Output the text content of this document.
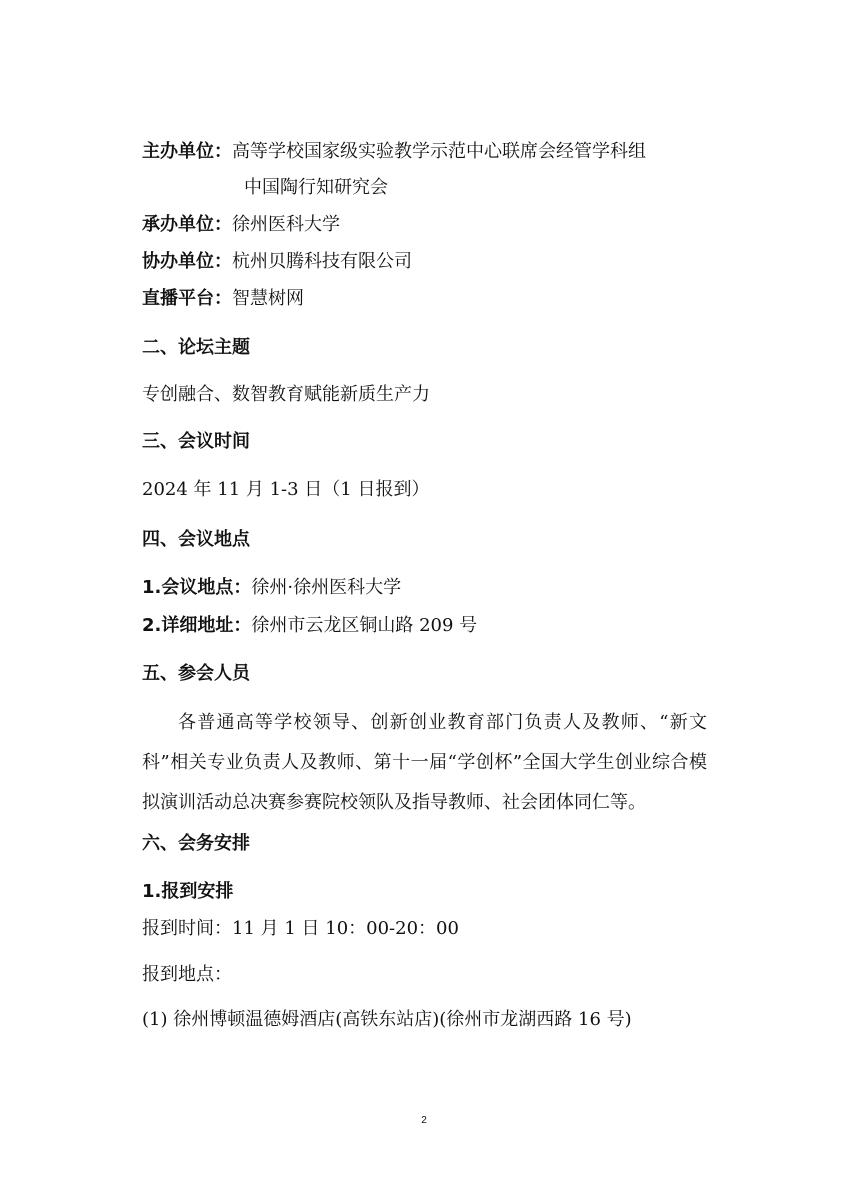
主办单位：高等学校国家级实验教学示范中心联席会经管学科组
中国陶行知研究会
承办单位：徐州医科大学
协办单位：杭州贝腾科技有限公司
直播平台：智慧树网
二、论坛主题
专创融合、数智教育赋能新质生产力
三、会议时间
2024 年 11 月 1-3 日（1 日报到）
四、会议地点
1.会议地点：徐州·徐州医科大学
2.详细地址：徐州市云龙区铜山路 209 号
五、参会人员
各普通高等学校领导、创新创业教育部门负责人及教师、“新文科”相关专业负责人及教师、第十一届“学创杯”全国大学生创业综合模拟演训活动总决赛参赛院校领队及指导教师、社会团体同仁等。
六、会务安排
1.报到安排
报到时间：11 月 1 日 10：00-20：00
报到地点：
(1) 徐州博顿温德姆酒店(高铁东站店)(徐州市龙湖西路 16 号)
2
